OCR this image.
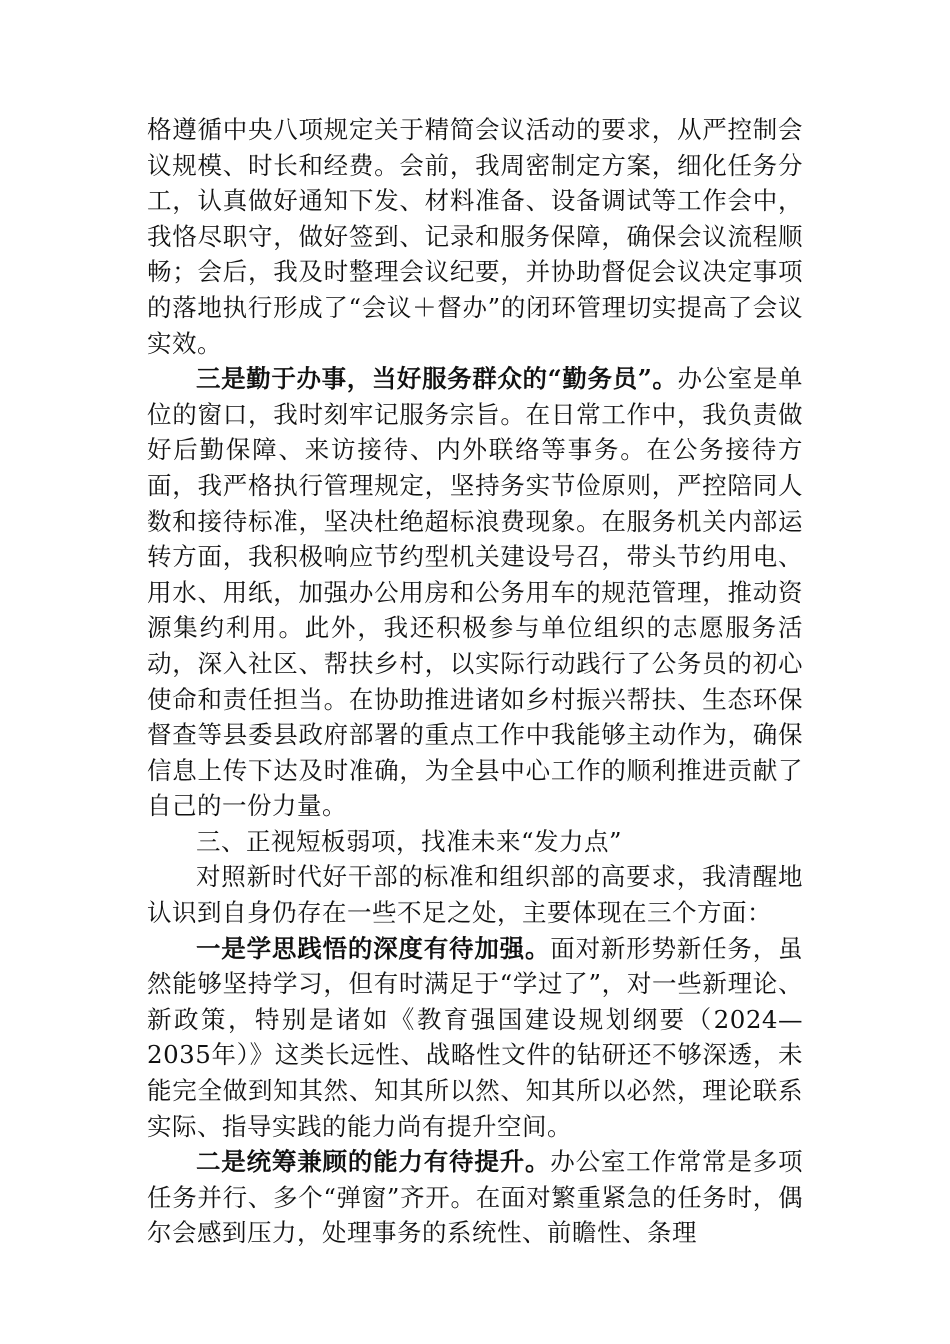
格遵循中央八项规定关于精简会议活动的要求，从严控制会议规模、时长和经费。会前，我周密制定方案，细化任务分工，认真做好通知下发、材料准备、设备调试等工作会中，我恪尽职守，做好签到、记录和服务保障，确保会议流程顺畅；会后，我及时整理会议纪要，并协助督促会议决定事项的落地执行形成了“会议＋督办”的闭环管理切实提高了会议实效。

三是勤于办事，当好服务群众的“勤务员”。办公室是单位的窗口，我时刻牢记服务宗旨。在日常工作中，我负责做好后勤保障、来访接待、内外联络等事务。在公务接待方面，我严格执行管理规定，坚持务实节俭原则，严控陪同人数和接待标准，坚决杜绝超标浪费现象。在服务机关内部运转方面，我积极响应节约型机关建设号召，带头节约用电、用水、用纸，加强办公用房和公务用车的规范管理，推动资源集约利用。此外，我还积极参与单位组织的志愿服务活动，深入社区、帮扶乡村，以实际行动践行了公务员的初心使命和责任担当。在协助推进诸如乡村振兴帮扶、生态环保督查等县委县政府部署的重点工作中我能够主动作为，确保信息上传下达及时准确，为全县中心工作的顺利推进贡献了自己的一份力量。

三、正视短板弱项，找准未来“发力点”

对照新时代好干部的标准和组织部的高要求，我清醒地认识到自身仍存在一些不足之处，主要体现在三个方面：

一是学思践悟的深度有待加强。面对新形势新任务，虽然能够坚持学习，但有时满足于“学过了”，对一些新理论、新政策，特别是诸如《教育强国建设规划纲要（2024—2035年）》这类长远性、战略性文件的钻研还不够深透，未能完全做到知其然、知其所以然、知其所以必然，理论联系实际、指导实践的能力尚有提升空间。

二是统筹兼顾的能力有待提升。办公室工作常常是多项任务并行、多个“弹窗”齐开。在面对繁重紧急的任务时，偶尔会感到压力，处理事务的系统性、前瞻性、条理
